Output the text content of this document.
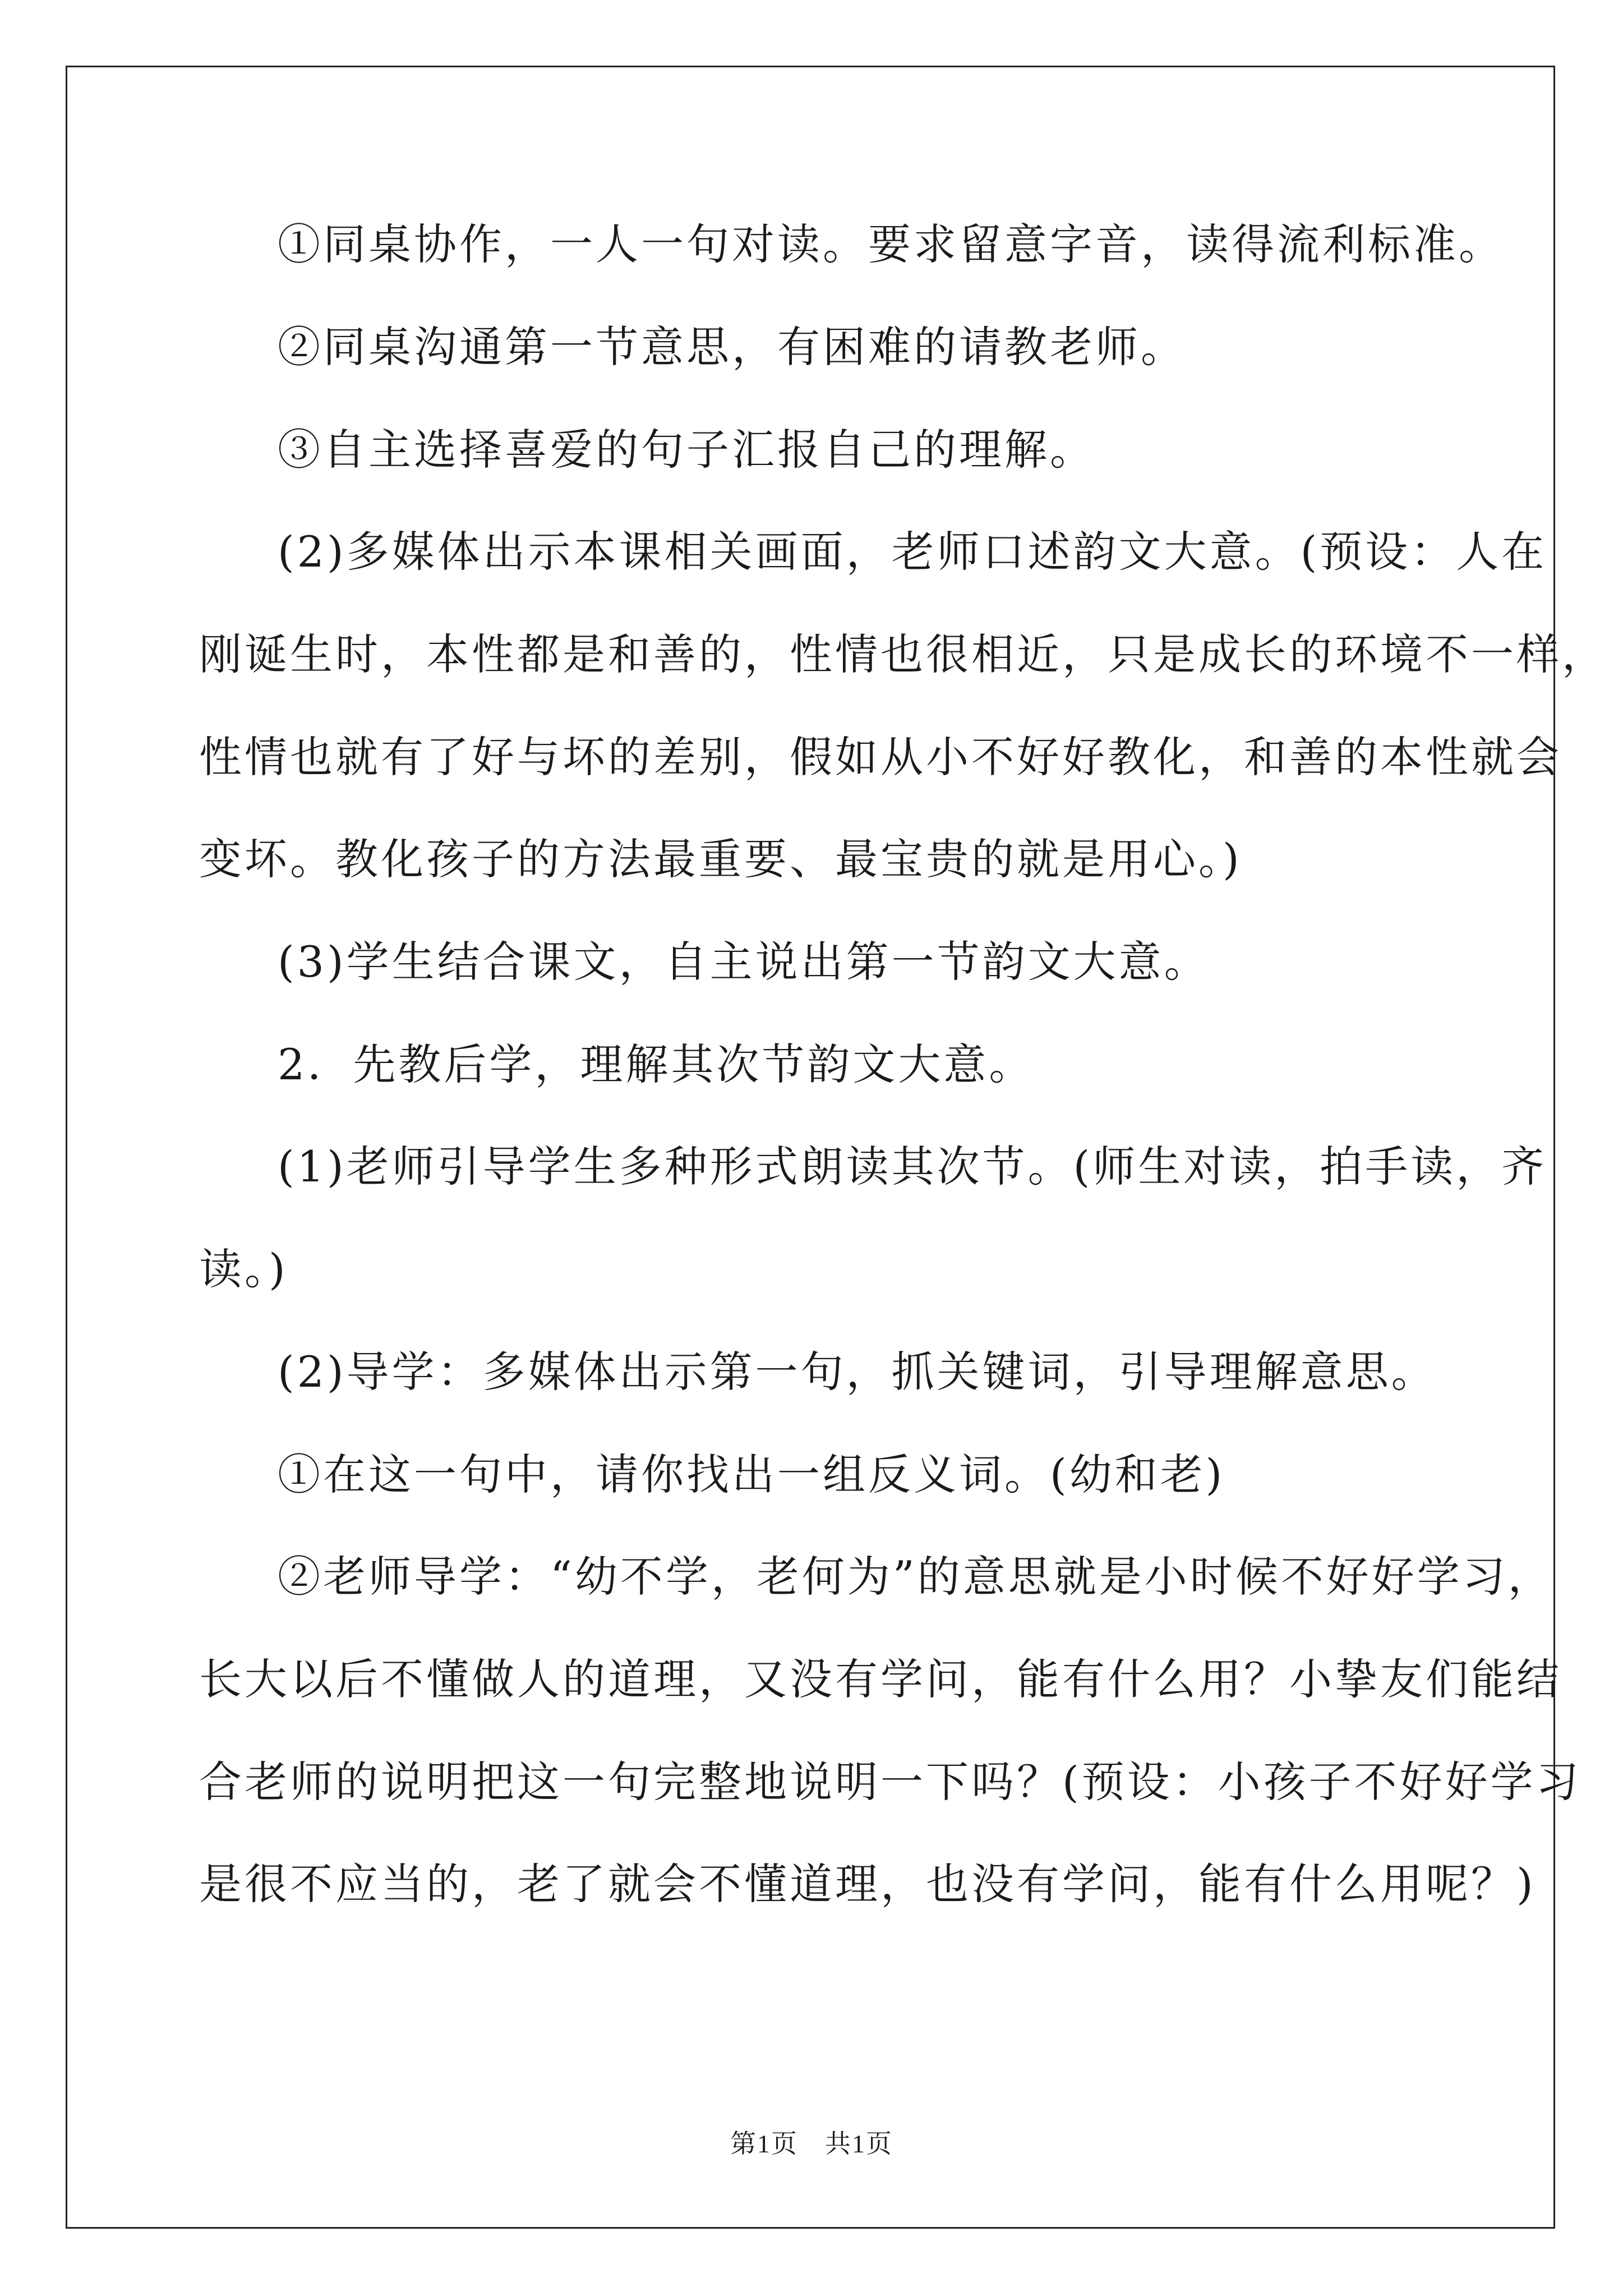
①同桌协作，一人一句对读。要求留意字音，读得流利标准。
②同桌沟通第一节意思，有困难的请教老师。
③自主选择喜爱的句子汇报自己的理解。
(2)多媒体出示本课相关画面，老师口述韵文大意。(预设：人在
刚诞生时，本性都是和善的，性情也很相近，只是成长的环境不一样，
性情也就有了好与坏的差别，假如从小不好好教化，和善的本性就会
变坏。教化孩子的方法最重要、最宝贵的就是用心。)
(3)学生结合课文，自主说出第一节韵文大意。
2．先教后学，理解其次节韵文大意。
(1)老师引导学生多种形式朗读其次节。(师生对读，拍手读，齐
读。)
(2)导学：多媒体出示第一句，抓关键词，引导理解意思。
①在这一句中，请你找出一组反义词。(幼和老)
②老师导学：“幼不学，老何为”的意思就是小时候不好好学习，
长大以后不懂做人的道理，又没有学问，能有什么用？小挚友们能结
合老师的说明把这一句完整地说明一下吗？(预设：小孩子不好好学习
是很不应当的，老了就会不懂道理，也没有学问，能有什么用呢？)
第1页 共1页
